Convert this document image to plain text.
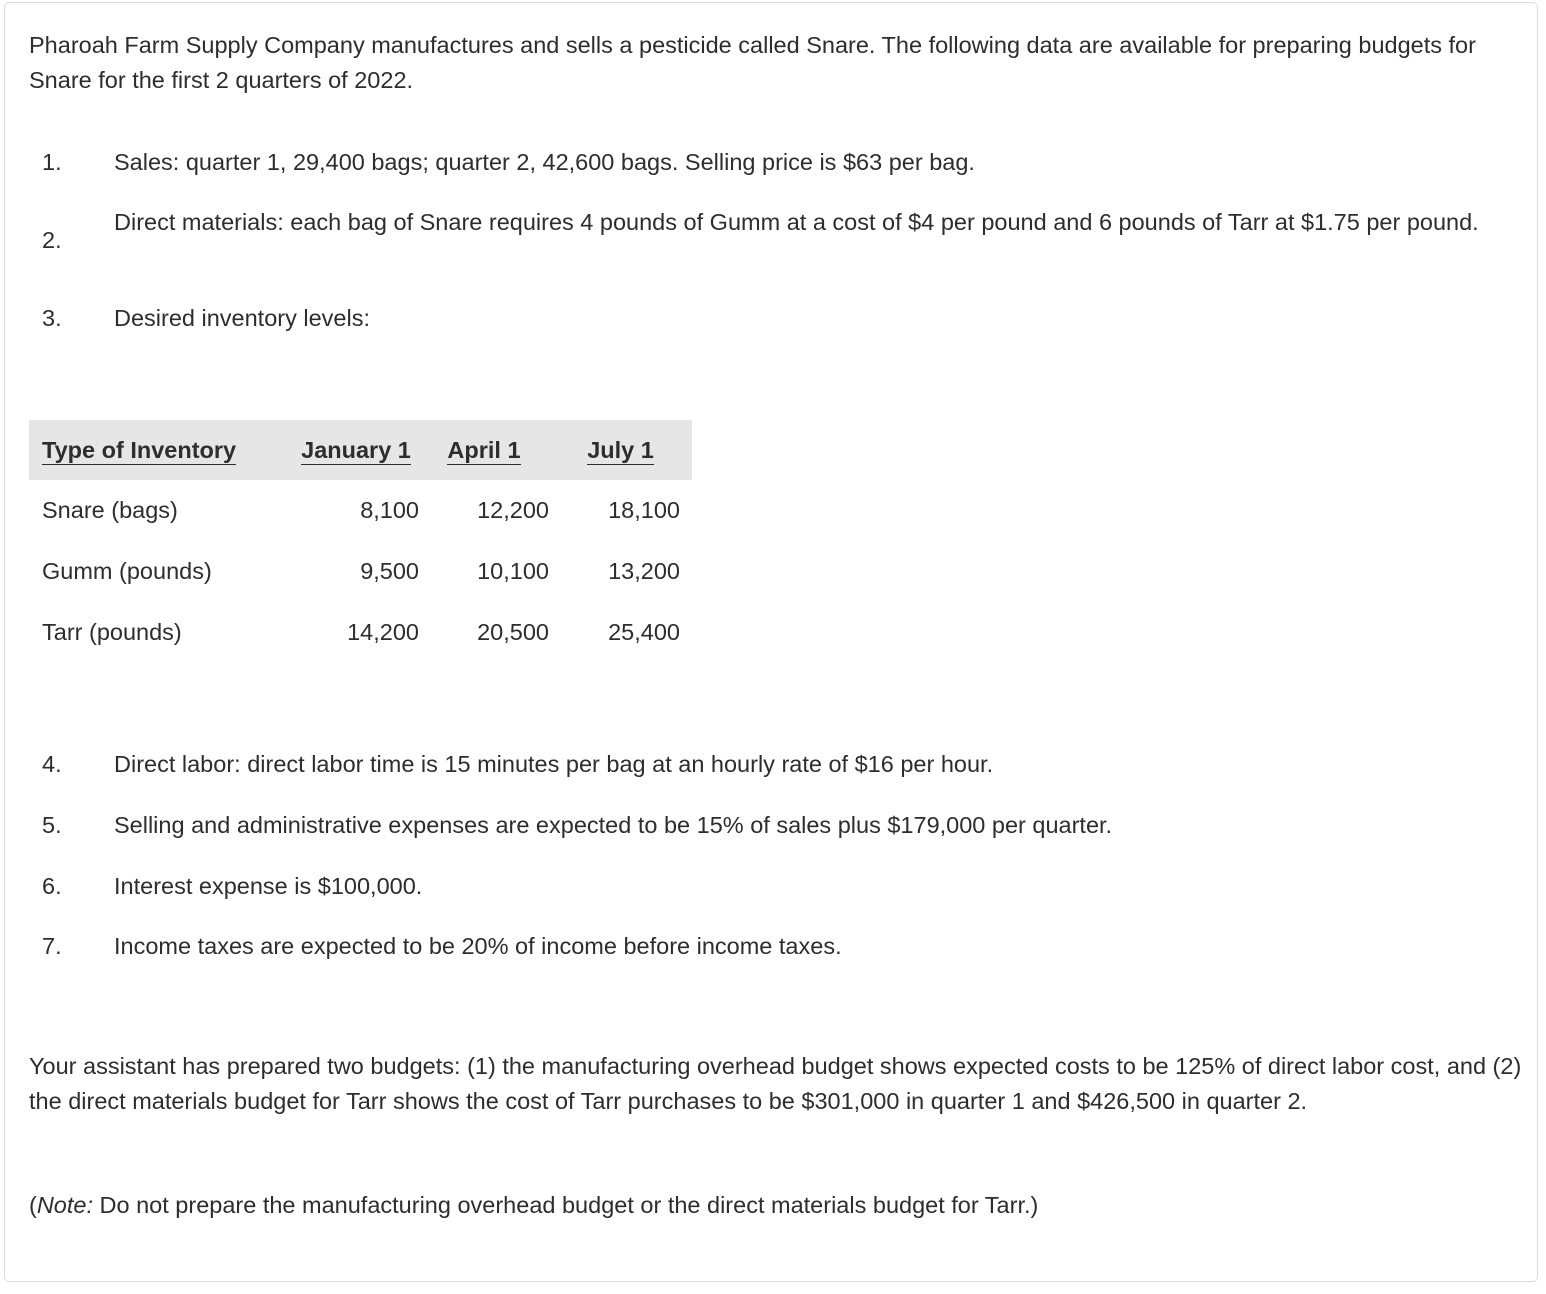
Pharoah Farm Supply Company manufactures and sells a pesticide called Snare. The following data are available for preparing budgets for Snare for the first 2 quarters of 2022.

1.	Sales: quarter 1, 29,400 bags; quarter 2, 42,600 bags. Selling price is $63 per bag.
2.
Direct materials: each bag of Snare requires 4 pounds of Gumm at a cost of $4 per pound and 6 pounds of Tarr at $1.75 per pound.
3.	Desired inventory levels:
Type of Inventory	January 1	April 1	July 1
Snare (bags)	8,100	12,200	18,100
Gumm (pounds)	9,500	10,100	13,200
Tarr (pounds)	14,200	20,500	25,400
4.	Direct labor: direct labor time is 15 minutes per bag at an hourly rate of $16 per hour.
5.	Selling and administrative expenses are expected to be 15% of sales plus $179,000 per quarter.
6.	Interest expense is $100,000.
7.	Income taxes are expected to be 20% of income before income taxes.

Your assistant has prepared two budgets: (1) the manufacturing overhead budget shows expected costs to be 125% of direct labor cost, and (2) the direct materials budget for Tarr shows the cost of Tarr purchases to be $301,000 in quarter 1 and $426,500 in quarter 2.

(Note: Do not prepare the manufacturing overhead budget or the direct materials budget for Tarr.)
